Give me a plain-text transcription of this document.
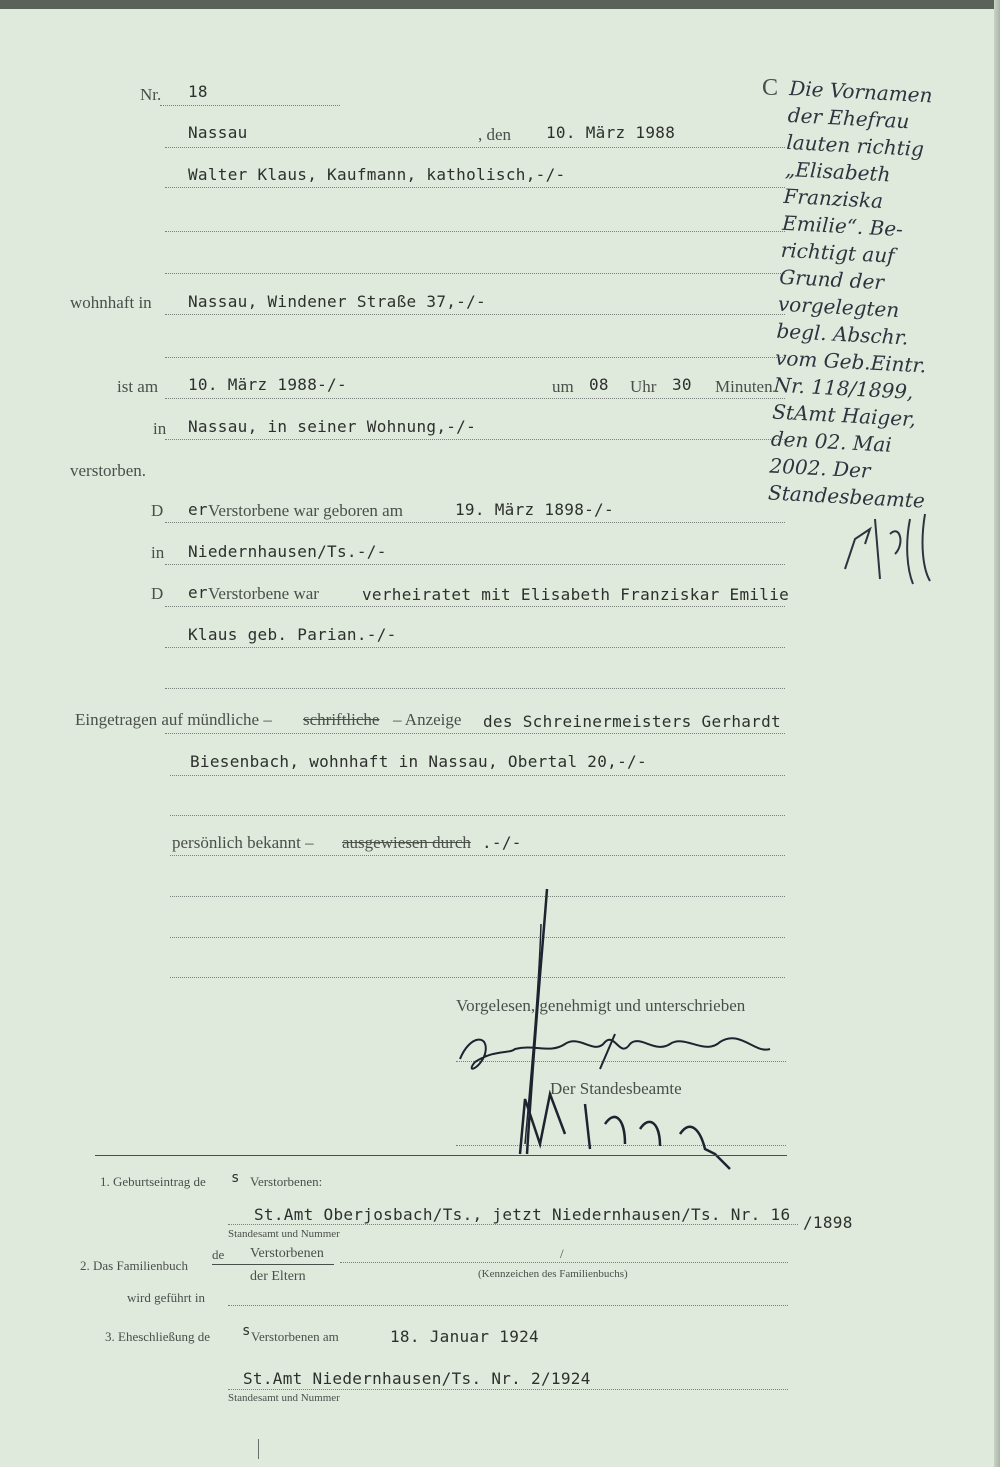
Nr. 18
Nassau	, den 10. März 1988
Walter Klaus, Kaufmann, katholisch,-/-
wohnhaft in Nassau, Windener Straße 37,-/-
ist am 10. März 1988-/-	um 08 Uhr 30 Minuten
in Nassau, in seiner Wohnung,-/-
verstorben.
D er Verstorbene war geboren am	19. März 1898-/-
in Niedernhausen/Ts.-/-
D er Verstorbene war	verheiratet mit Elisabeth Franziskar Emilie
Klaus geb. Parian.-/-
Eingetragen auf mündliche – schriftliche – Anzeige des Schreinermeisters Gerhardt
Biesenbach, wohnhaft in Nassau, Obertal 20,-/-
persönlich bekannt – ausgewiesen durch .-/-
Vorgelesen, genehmigt und unterschrieben
Der Standesbeamte
C Die Vornamen
der Ehefrau
lauten richtig
„Elisabeth
Franziska
Emilie“. Be-
richtigt auf
Grund der
vorgelegten
begl. Abschr.
vom Geb.Eintr.
Nr. 118/1899,
StAmt Haiger,
den 02. Mai
2002. Der
Standesbeamte
1. Geburtseintrag de s Verstorbenen:
St.Amt Oberjosbach/Ts., jetzt Niedernhausen/Ts. Nr. 16 /1898
Standesamt und Nummer
2. Das Familienbuch
de Verstorbenen
der Eltern
/
(Kennzeichen des Familienbuchs)
wird geführt in
3. Eheschließung de s Verstorbenen am	18. Januar 1924
St.Amt Niedernhausen/Ts. Nr. 2/1924
Standesamt und Nummer
